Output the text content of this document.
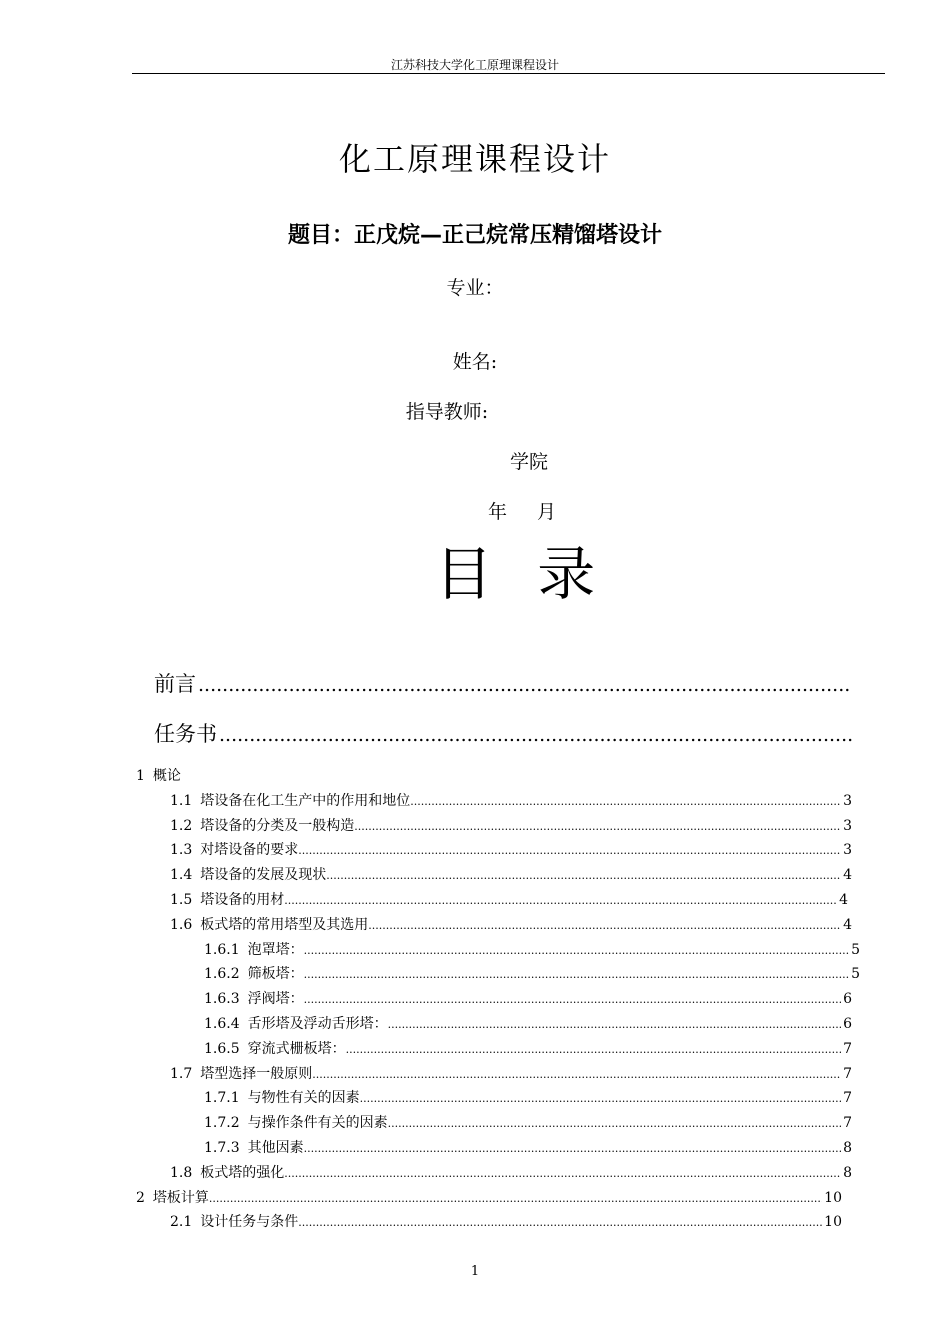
江苏科技大学化工原理课程设计
化工原理课程设计
题目：正戊烷—正己烷常压精馏塔设计
专业：
姓名:
指导教师:
学院
年 月
目 录
前言
.....
任务书
.....
1 概论
1.1 塔设备在化工生产中的作用和地位 .....	3
1.2 塔设备的分类及一般构造 .....	3
1.3 对塔设备的要求 .....	3
1.4 塔设备的发展及现状 .....	4
1.5 塔设备的用材 .....	4
1.6 板式塔的常用塔型及其选用 .....	4
1.6.1 泡罩塔： .....	5
1.6.2 筛板塔： .....	5
1.6.3 浮阀塔： .....	6
1.6.4 舌形塔及浮动舌形塔： .....	6
1.6.5 穿流式栅板塔： .....	7
1.7 塔型选择一般原则 .....	7
1.7.1 与物性有关的因素 .....	7
1.7.2 与操作条件有关的因素 .....	7
1.7.3 其他因素 .....	8
1.8 板式塔的强化 .....	8
2 塔板计算 .....	10
2.1 设计任务与条件 .....	10
1
